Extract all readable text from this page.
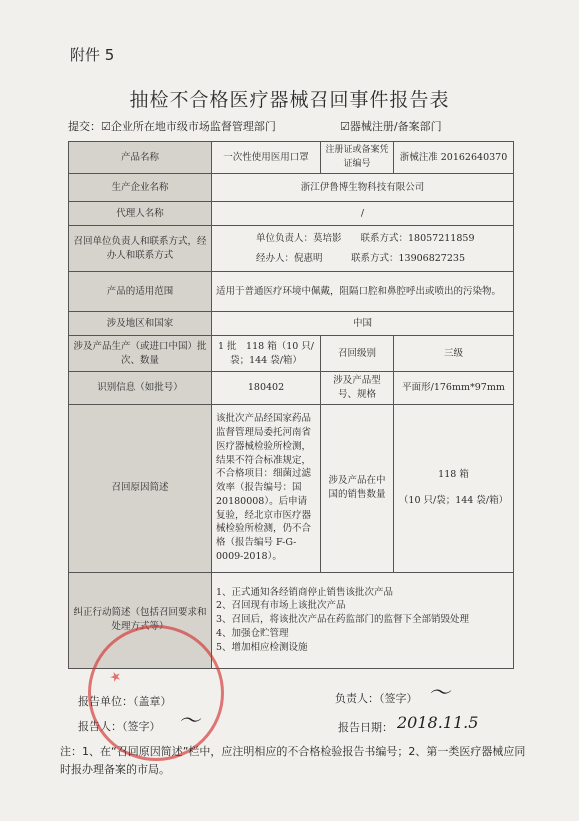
附件 5
抽检不合格医疗器械召回事件报告表
提交：☑企业所在地市级市场监督管理部门	☑器械注册/备案部门
产品名称	一次性使用医用口罩	注册证或备案凭证编号	浙械注准 20162640370
生产企业名称	浙江伊鲁博生物科技有限公司		
代理人名称	/		
召回单位负责人和联系方式，经办人和联系方式	单位负责人：莫培影　　联系方式：18057211859
经办人：倪惠明　　　联系方式：13906827235		

产品的适用范围	适用于普通医疗环境中佩戴，阻隔口腔和鼻腔呼出或喷出的污染物。		
涉及地区和国家	中国		
涉及产品生产（或进口中国）批次、数量	1 批　118 箱（10 只/袋；144 袋/箱）	召回级别	三级
识别信息（如批号）	180402	涉及产品型号、规格	平面形/176mm*97mm
召回原因简述	该批次产品经国家药品监督管理局委托河南省医疗器械检验所检测，结果不符合标准规定，不合格项目：细菌过滤效率（报告编号：国 20180008）。后申请复验，经北京市医疗器械检验所检测，仍不合格（报告编号 F-G-0009-2018）。	涉及产品在中国的销售数量	118 箱
（10 只/袋；144 袋/箱）

纠正行动简述（包括召回要求和处理方式等）	1、正式通知各经销商停止销售该批次产品
2、召回现有市场上该批次产品
3、召回后，将该批次产品在药监部门的监督下全部销毁处理
4、加强仓贮管理
5、增加相应检测设施		
★
报告单位：（盖章）	负责人：（签字） ～
报告人：（签字） ～	报告日期： 2018.11.5
注：1、在“召回原因简述”栏中，应注明相应的不合格检验报告书编号；2、第一类医疗器械应同时报办理备案的市局。
